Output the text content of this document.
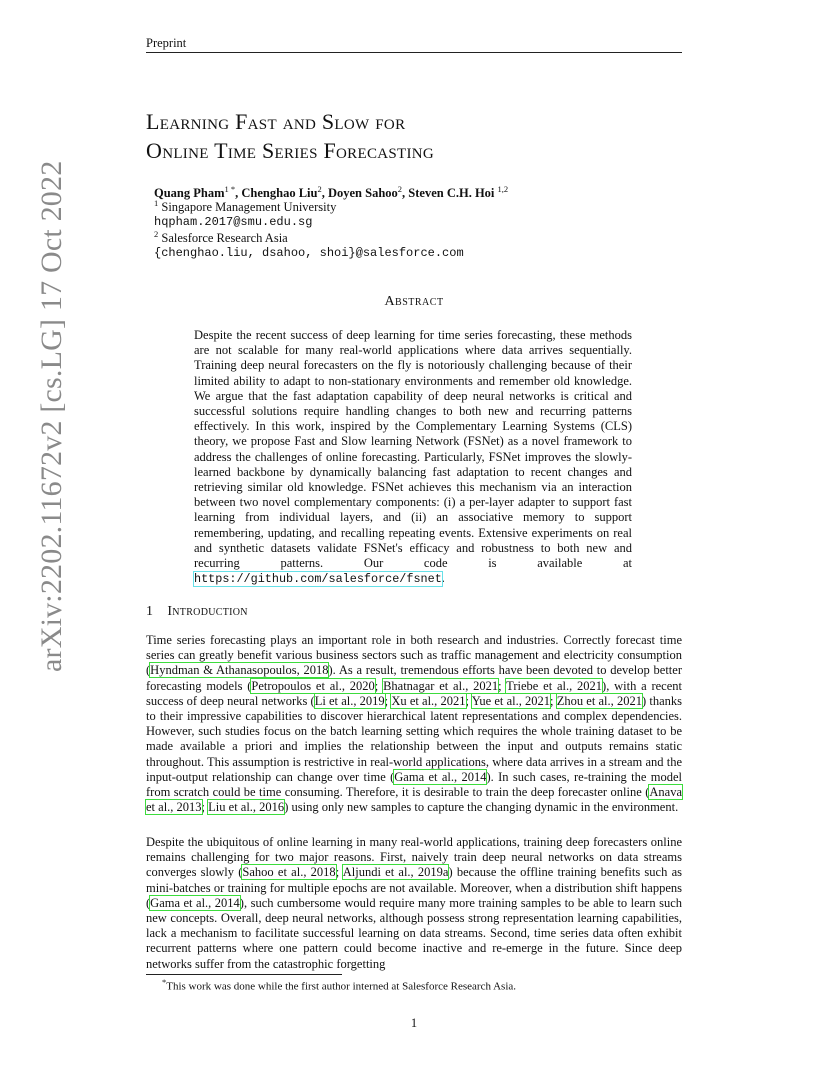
Preprint
arXiv:2202.11672v2 [cs.LG] 17 Oct 2022
Learning Fast and Slow for
Online Time Series Forecasting
Quang Pham$^{1 *}$, Chenghao Liu$^2$, Doyen Sahoo$^2$, Steven C.H. Hoi $^{1,2}$
$^1$ Singapore Management University
hqpham.2017@smu.edu.sg
$^2$ Salesforce Research Asia
{chenghao.liu, dsahoo, shoi}@salesforce.com
Abstract
Despite the recent success of deep learning for time series forecasting, these methods are not scalable for many real-world applications where data arrives sequentially. Training deep neural forecasters on the fly is notoriously challenging because of their limited ability to adapt to non-stationary environments and remember old knowledge. We argue that the fast adaptation capability of deep neural networks is critical and successful solutions require handling changes to both new and recurring patterns effectively. In this work, inspired by the Complementary Learning Systems (CLS) theory, we propose Fast and Slow learning Network (FSNet) as a novel framework to address the challenges of online forecasting. Particularly, FSNet improves the slowly-learned backbone by dynamically balancing fast adaptation to recent changes and retrieving similar old knowledge. FSNet achieves this mechanism via an interaction between two novel complementary components: (i) a per-layer adapter to support fast learning from individual layers, and (ii) an associative memory to support remembering, updating, and recalling repeating events. Extensive experiments on real and synthetic datasets validate FSNet's efficacy and robustness to both new and recurring patterns. Our code is available at https://github.com/salesforce/fsnet.
1 Introduction
Time series forecasting plays an important role in both research and industries. Correctly forecast time series can greatly benefit various business sectors such as traffic management and electricity consumption (Hyndman & Athanasopoulos, 2018). As a result, tremendous efforts have been devoted to develop better forecasting models (Petropoulos et al., 2020; Bhatnagar et al., 2021; Triebe et al., 2021), with a recent success of deep neural networks (Li et al., 2019; Xu et al., 2021; Yue et al., 2021; Zhou et al., 2021) thanks to their impressive capabilities to discover hierarchical latent representations and complex dependencies. However, such studies focus on the batch learning setting which requires the whole training dataset to be made available a priori and implies the relationship between the input and outputs remains static throughout. This assumption is restrictive in real-world applications, where data arrives in a stream and the input-output relationship can change over time (Gama et al., 2014). In such cases, re-training the model from scratch could be time consuming. Therefore, it is desirable to train the deep forecaster online (Anava et al., 2013; Liu et al., 2016) using only new samples to capture the changing dynamic in the environment.
Despite the ubiquitous of online learning in many real-world applications, training deep forecasters online remains challenging for two major reasons. First, naively train deep neural networks on data streams converges slowly (Sahoo et al., 2018; Aljundi et al., 2019a) because the offline training benefits such as mini-batches or training for multiple epochs are not available. Moreover, when a distribution shift happens (Gama et al., 2014), such cumbersome would require many more training samples to be able to learn such new concepts. Overall, deep neural networks, although possess strong representation learning capabilities, lack a mechanism to facilitate successful learning on data streams. Second, time series data often exhibit recurrent patterns where one pattern could become inactive and re-emerge in the future. Since deep networks suffer from the catastrophic forgetting
*This work was done while the first author interned at Salesforce Research Asia.
1
